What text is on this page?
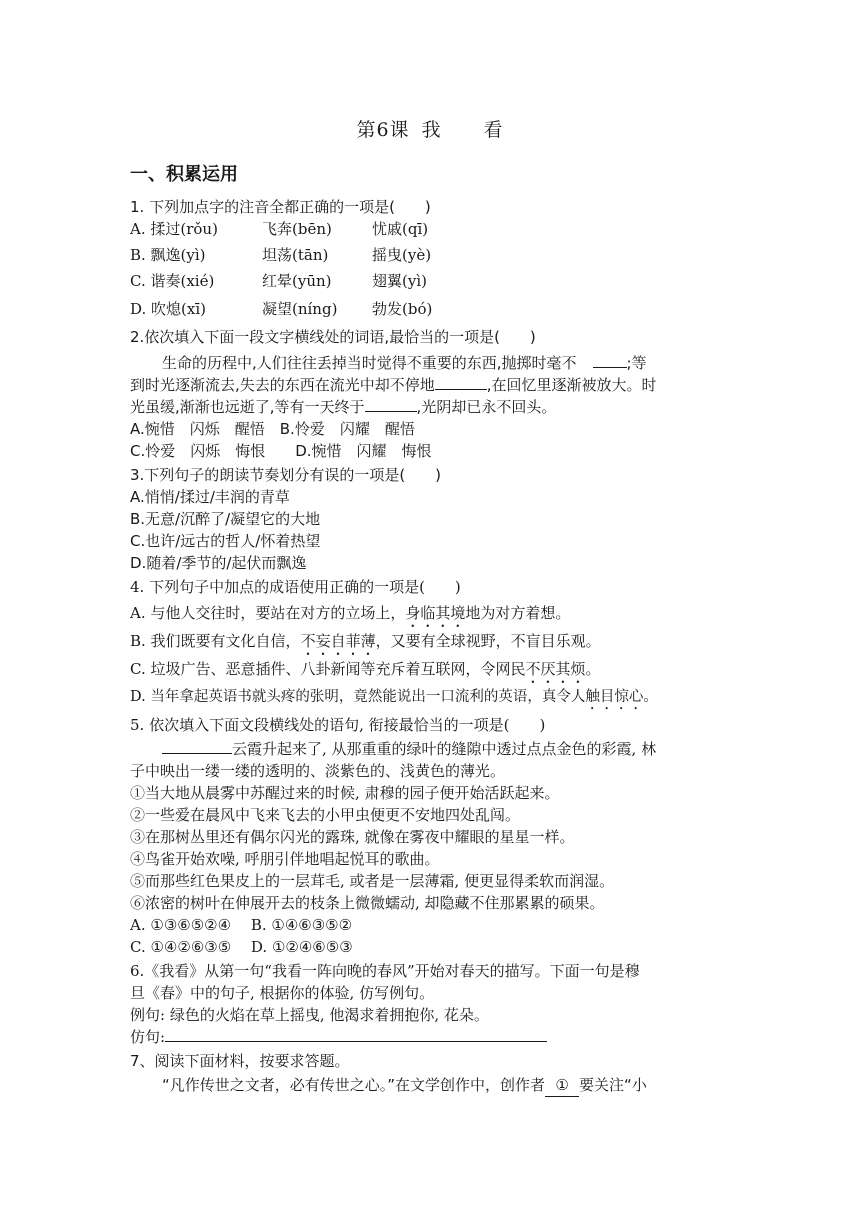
第6课 我 看
一、积累运用
1. 下列加点字的注音全都正确的一项是(　　)
A. 揉过(rǒu)	飞奔(bēn)	忧戚(qī)
B. 飘逸(yì)	坦荡(tān)	摇曳(yè)
C. 谐奏(xié)	红晕(yūn)	翅翼(yì)
D. 吹熄(xī)	凝望(níng) 勃发(bó)
2.依次填入下面一段文字横线处的词语,最恰当的一项是(　　)
生命的历程中,人们往往丢掉当时觉得不重要的东西,抛掷时毫不	;等
到时光逐渐流去,失去的东西在流光中却不停地	,在回忆里逐渐被放大。时
光虽缓,渐渐也远逝了,等有一天终于	,光阴却已永不回头。
A.惋惜　闪烁　醒悟　B.怜爱　闪耀　醒悟
C.怜爱　闪烁　悔恨　　D.惋惜　闪耀　悔恨
3.下列句子的朗读节奏划分有误的一项是(　　)
A.悄悄/揉过/丰润的青草
B.无意/沉醉了/凝望它的大地
C.也许/远古的哲人/怀着热望
D.随着/季节的/起伏而飘逸
4. 下列句子中加点的成语使用正确的一项是(　　)
A. 与他人交往时，要站在对方的立场上，身临其境地为对方着想。
B. 我们既要有文化自信，不妄自菲薄，又要有全球视野，不盲目乐观。
C. 垃圾广告、恶意插件、八卦新闻等充斥着互联网，令网民不厌其烦。
D. 当年拿起英语书就头疼的张明，竟然能说出一口流利的英语，真令人触目惊心。
5. 依次填入下面文段横线处的语句, 衔接最恰当的一项是(　　)
云霞升起来了, 从那重重的绿叶的缝隙中透过点点金色的彩霞, 林
子中映出一缕一缕的透明的、淡紫色的、浅黄色的薄光。
①当大地从晨雾中苏醒过来的时候, 肃穆的园子便开始活跃起来。
②一些爱在晨风中飞来飞去的小甲虫便更不安地四处乱闯。
③在那树丛里还有偶尔闪光的露珠, 就像在雾夜中耀眼的星星一样。
④鸟雀开始欢噪, 呼朋引伴地唱起悦耳的歌曲。
⑤而那些红色果皮上的一层茸毛, 或者是一层薄霜, 便更显得柔软而润湿。
⑥浓密的树叶在伸展开去的枝条上微微蠕动, 却隐藏不住那累累的硕果。
A. ①③⑥⑤②④　 B. ①④⑥③⑤②
C. ①④②⑥③⑤　 D. ①②④⑥⑤③
6.《我看》从第一句“我看一阵向晚的春风”开始对春天的描写。下面一句是穆
旦《春》中的句子, 根据你的体验, 仿写例句。
例句: 绿色的火焰在草上摇曳, 他渴求着拥抱你, 花朵。
仿句:
7、阅读下面材料，按要求答题。
“凡作传世之文者，必有传世之心。”在文学创作中，创作者 ① 要关注“小
